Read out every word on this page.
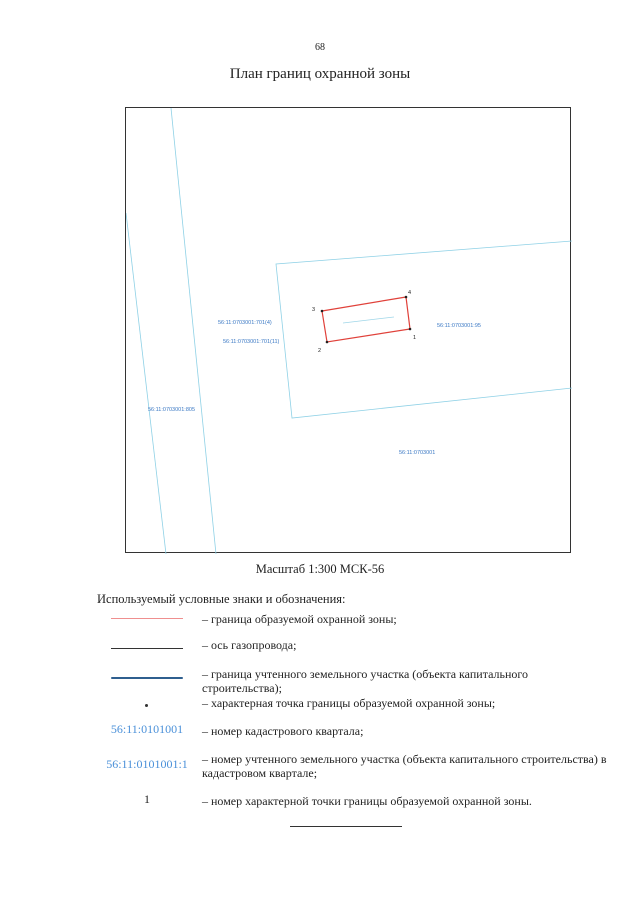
68
План границ охранной зоны
1
2
3
4
56:11:0703001:701(4)
56:11:0703001:701(11)
56:11:0703001:95
56:11:0703001:805
56:11:0703001
Масштаб 1:300 МСК-56
Используемый условные знаки и обозначения:
– граница образуемой охранной зоны;
– ось газопровода;
– граница учтенного земельного участка (объекта капитального строительства);
– характерная точка границы образуемой охранной зоны;
56:11:0101001	– номер кадастрового квартала;
56:11:0101001:1	– номер учтенного земельного участка (объекта капитального строительства) в кадастровом квартале;
1	– номер характерной точки границы образуемой охранной зоны.
